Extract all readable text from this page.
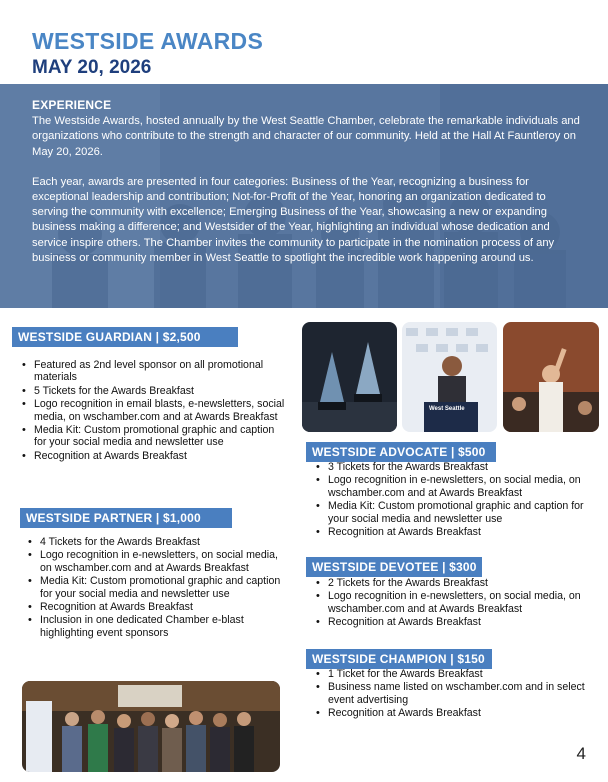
WESTSIDE AWARDS
MAY 20, 2026
EXPERIENCE

The Westside Awards, hosted annually by the West Seattle Chamber, celebrate the remarkable individuals and organizations who contribute to the strength and character of our community. Held at the Hall At Fauntleroy on May 20, 2026.

Each year, awards are presented in four categories: Business of the Year, recognizing a business for exceptional leadership and contribution; Not-for-Profit of the Year, honoring an organization dedicated to serving the community with excellence; Emerging Business of the Year, showcasing a new or expanding business making a difference; and Westsider of the Year, highlighting an individual whose dedication and service inspire others. The Chamber invites the community to participate in the nomination process of any business or community member in West Seattle to spotlight the incredible work happening around us.

WESTSIDE GUARDIAN | $2,500
• Featured as 2nd level sponsor on all promotional materials
• 5 Tickets for the Awards Breakfast
• Logo recognition in email blasts, e-newsletters, social media, on wschamber.com and at Awards Breakfast
• Media Kit: Custom promotional graphic and caption for your social media and newsletter use
• Recognition at Awards Breakfast
WESTSIDE PARTNER | $1,000
• 4 Tickets for the Awards Breakfast
• Logo recognition in e-newsletters, on social media, on wschamber.com and at Awards Breakfast
• Media Kit: Custom promotional graphic and caption for your social media and newsletter use
• Recognition at Awards Breakfast
• Inclusion in one dedicated Chamber e-blast highlighting event sponsors
West Seattle
WESTSIDE ADVOCATE | $500
• 3 Tickets for the Awards Breakfast
• Logo recognition in e-newsletters, on social media, on wschamber.com and at Awards Breakfast
• Media Kit: Custom promotional graphic and caption for your social media and newsletter use
• Recognition at Awards Breakfast
WESTSIDE DEVOTEE | $300
• 2 Tickets for the Awards Breakfast
• Logo recognition in e-newsletters, on social media, on wschamber.com and at Awards Breakfast
• Recognition at Awards Breakfast
WESTSIDE CHAMPION | $150
• 1 Ticket for the Awards Breakfast
• Business name listed on wschamber.com and in select event advertising
• Recognition at Awards Breakfast
4
